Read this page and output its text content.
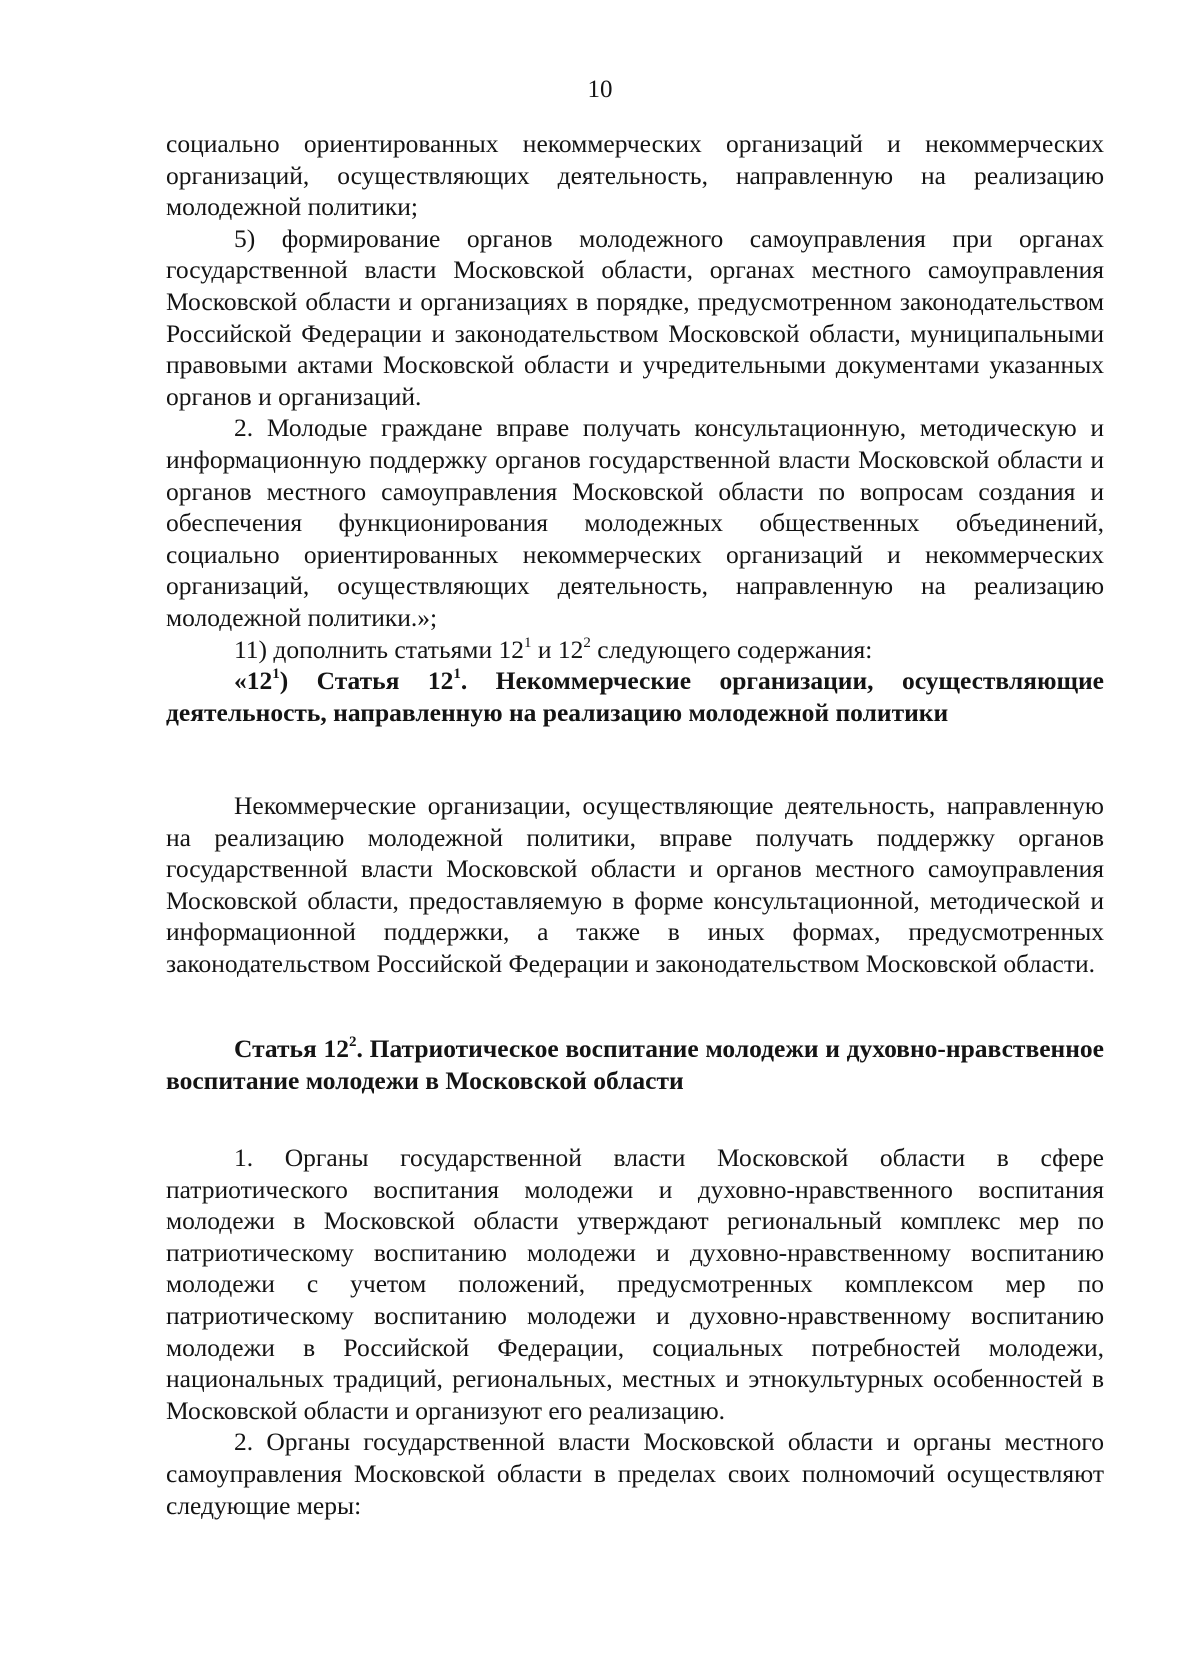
10

социально ориентированных некоммерческих организаций и некоммерческих организаций, осуществляющих деятельность, направленную на реализацию молодежной политики;

5) формирование органов молодежного самоуправления при органах государственной власти Московской области, органах местного самоуправления Московской области и организациях в порядке, предусмотренном законодательством Российской Федерации и законодательством Московской области, муниципальными правовыми актами Московской области и учредительными документами указанных органов и организаций.

2. Молодые граждане вправе получать консультационную, методическую и информационную поддержку органов государственной власти Московской области и органов местного самоуправления Московской области по вопросам создания и обеспечения функционирования молодежных общественных объединений, социально ориентированных некоммерческих организаций и некоммерческих организаций, осуществляющих деятельность, направленную на реализацию молодежной политики.»;

11) дополнить статьями $12^1$ и $12^2$ следующего содержания:

«$12^1$) Статья $12^1$. Некоммерческие организации, осуществляющие деятельность, направленную на реализацию молодежной политики

Некоммерческие организации, осуществляющие деятельность, направленную на реализацию молодежной политики, вправе получать поддержку органов государственной власти Московской области и органов местного самоуправления Московской области, предоставляемую в форме консультационной, методической и информационной поддержки, а также в иных формах, предусмотренных законодательством Российской Федерации и законодательством Московской области.

Статья $12^2$. Патриотическое воспитание молодежи и духовно-нравственное воспитание молодежи в Московской области

1. Органы государственной власти Московской области в сфере патриотического воспитания молодежи и духовно-нравственного воспитания молодежи в Московской области утверждают региональный комплекс мер по патриотическому воспитанию молодежи и духовно-нравственному воспитанию молодежи с учетом положений, предусмотренных комплексом мер по патриотическому воспитанию молодежи и духовно-нравственному воспитанию молодежи в Российской Федерации, социальных потребностей молодежи, национальных традиций, региональных, местных и этнокультурных особенностей в Московской области и организуют его реализацию.

2. Органы государственной власти Московской области и органы местного самоуправления Московской области в пределах своих полномочий осуществляют следующие меры:
